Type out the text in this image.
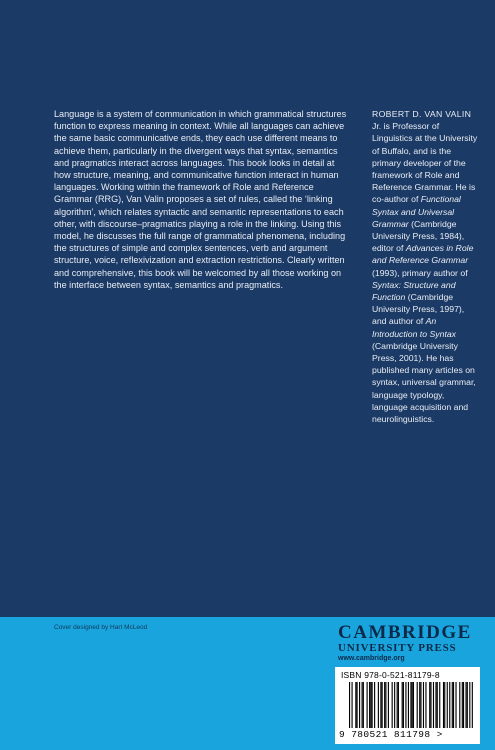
Language is a system of communication in which grammatical structures function to express meaning in context. While all languages can achieve the same basic communicative ends, they each use different means to achieve them, particularly in the divergent ways that syntax, semantics and pragmatics interact across languages. This book looks in detail at how structure, meaning, and communicative function interact in human languages. Working within the framework of Role and Reference Grammar (RRG), Van Valin proposes a set of rules, called the ‘linking algorithm’, which relates syntactic and semantic representations to each other, with discourse–pragmatics playing a role in the linking. Using this model, he discusses the full range of grammatical phenomena, including the structures of simple and complex sentences, verb and argument structure, voice, reflexivization and extraction restrictions. Clearly written and comprehensive, this book will be welcomed by all those working on the interface between syntax, semantics and pragmatics.

ROBERT D. VAN VALIN Jr. is Professor of Linguistics at the University of Buffalo, and is the primary developer of the framework of Role and Reference Grammar. He is co-author of Functional Syntax and Universal Grammar (Cambridge University Press, 1984), editor of Advances in Role and Reference Grammar (1993), primary author of Syntax: Structure and Function (Cambridge University Press, 1997), and author of An Introduction to Syntax (Cambridge University Press, 2001). He has published many articles on syntax, universal grammar, language typology, language acquisition and neurolinguistics.

Cover designed by Hart McLeod	CAMBRIDGE
UNIVERSITY PRESS
www.cambridge.org
ISBN 978-0-521-81179-8
9 780521 811798 >
